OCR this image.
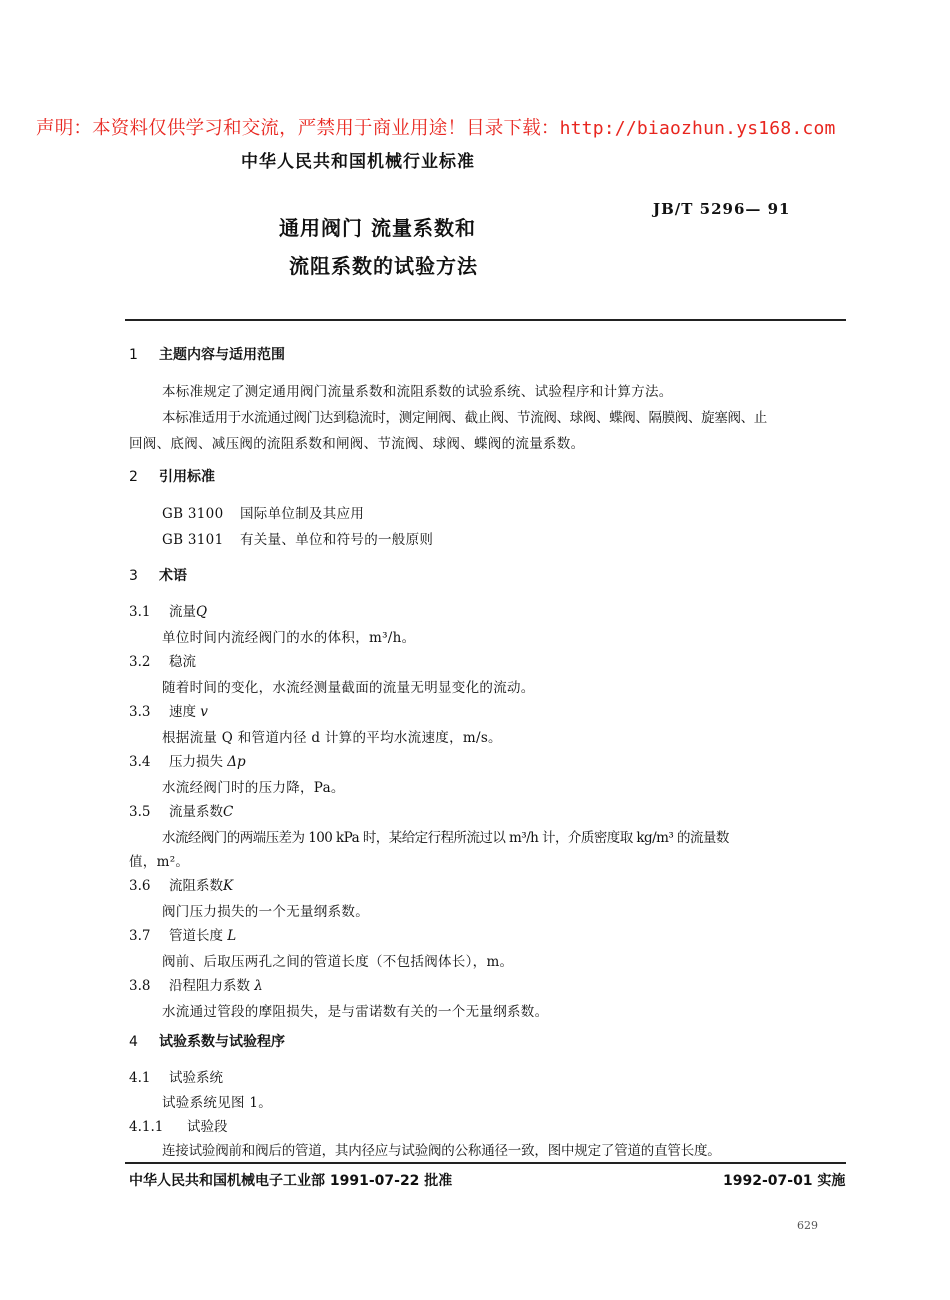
声明：本资料仅供学习和交流，严禁用于商业用途！目录下载：http://biaozhun.ys168.com
中华人民共和国机械行业标准
JB/T 5296— 91
通用阀门 流量系数和
流阻系数的试验方法
1 主题内容与适用范围
本标准规定了测定通用阀门流量系数和流阻系数的试验系统、试验程序和计算方法。
本标准适用于水流通过阀门达到稳流时，测定闸阀、截止阀、节流阀、球阀、蝶阀、隔膜阀、旋塞阀、止
回阀、底阀、减压阀的流阻系数和闸阀、节流阀、球阀、蝶阀的流量系数。
2 引用标准
GB 3100 国际单位制及其应用
GB 3101 有关量、单位和符号的一般原则
3 术语
3.1 流量Q
单位时间内流经阀门的水的体积，m³/h。
3.2 稳流
随着时间的变化，水流经测量截面的流量无明显变化的流动。
3.3 速度 v
根据流量 Q 和管道内径 d 计算的平均水流速度，m/s。
3.4 压力损失 Δp
水流经阀门时的压力降，Pa。
3.5 流量系数C
水流经阀门的两端压差为 100 kPa 时，某给定行程所流过以 m³/h 计，介质密度取 kg/m³ 的流量数
值，m²。
3.6 流阻系数K
阀门压力损失的一个无量纲系数。
3.7 管道长度 L
阀前、后取压两孔之间的管道长度（不包括阀体长），m。
3.8 沿程阻力系数 λ
水流通过管段的摩阻损失，是与雷诺数有关的一个无量纲系数。
4 试验系数与试验程序
4.1 试验系统
试验系统见图 1。
4.1.1 试验段
连接试验阀前和阀后的管道，其内径应与试验阀的公称通径一致，图中规定了管道的直管长度。
中华人民共和国机械电子工业部 1991-07-22 批准	1992-07-01 实施
629
